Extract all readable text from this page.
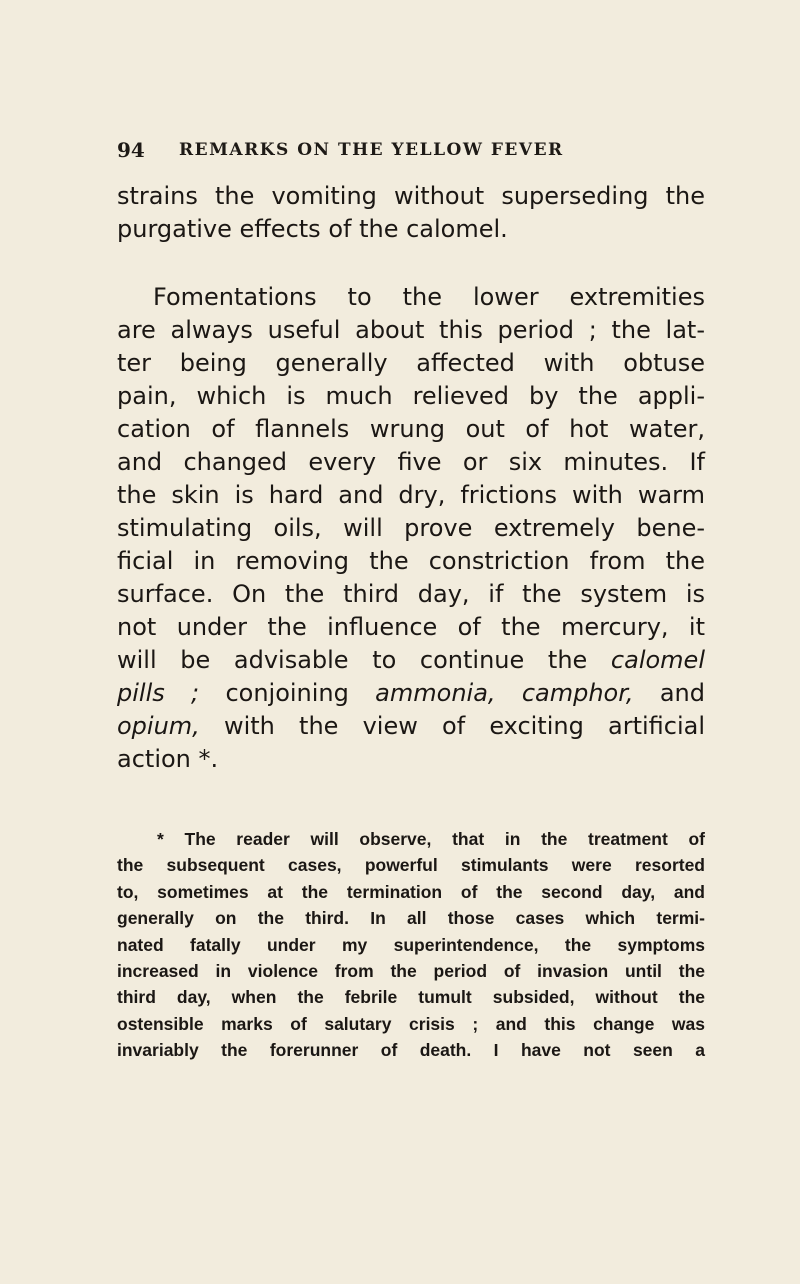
94 REMARKS ON THE YELLOW FEVER
strains the vomiting without superseding the
purgative effects of the calomel.
Fomentations to the lower extremities
are always useful about this period ; the lat-
ter being generally affected with obtuse
pain, which is much relieved by the appli-
cation of flannels wrung out of hot water,
and changed every five or six minutes. If
the skin is hard and dry, frictions with warm
stimulating oils, will prove extremely bene-
ficial in removing the constriction from the
surface. On the third day, if the system is
not under the influence of the mercury, it
will be advisable to continue the calomel
pills ; conjoining ammonia, camphor, and
opium, with the view of exciting artificial
action *.
* The reader will observe, that in the treatment of
the subsequent cases, powerful stimulants were resorted
to, sometimes at the termination of the second day, and
generally on the third. In all those cases which termi-
nated fatally under my superintendence, the symptoms
increased in violence from the period of invasion until the
third day, when the febrile tumult subsided, without the
ostensible marks of salutary crisis ; and this change was
invariably the forerunner of death. I have not seen a
